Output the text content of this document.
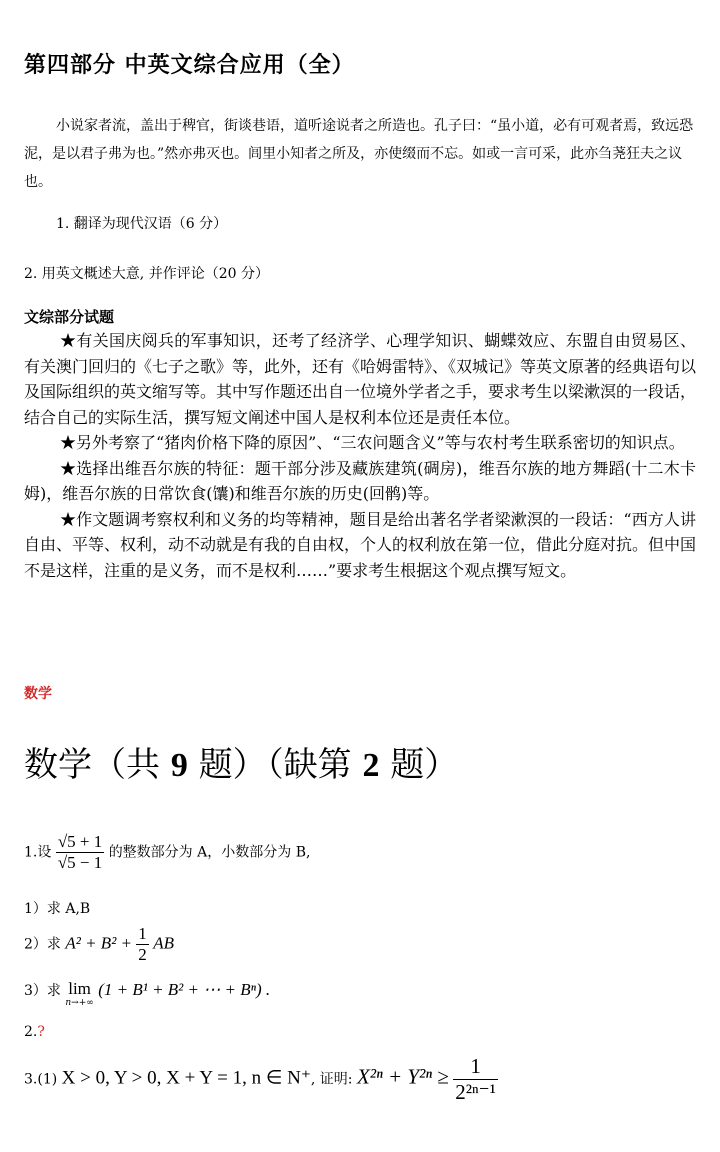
第四部分 中英文综合应用（全）

小说家者流，盖出于稗官，街谈巷语，道听途说者之所造也。孔子曰：“虽小道，必有可观者焉，致远恐泥，是以君子弗为也。”然亦弗灭也。闾里小知者之所及，亦使缀而不忘。如或一言可采，此亦刍荛狂夫之议也。

1. 翻译为现代汉语（6 分）
2. 用英文概述大意, 并作评论（20 分）
文综部分试题

★有关国庆阅兵的军事知识，还考了经济学、心理学知识、蝴蝶效应、东盟自由贸易区、有关澳门回归的《七子之歌》等，此外，还有《哈姆雷特》、《双城记》等英文原著的经典语句以及国际组织的英文缩写等。其中写作题还出自一位境外学者之手，要求考生以梁漱溟的一段话，结合自己的实际生活，撰写短文阐述中国人是权利本位还是责任本位。

★另外考察了“猪肉价格下降的原因”、“三农问题含义”等与农村考生联系密切的知识点。

★选择出维吾尔族的特征：题干部分涉及藏族建筑(碉房)，维吾尔族的地方舞蹈(十二木卡姆)，维吾尔族的日常饮食(馕)和维吾尔族的历史(回鹘)等。

★作文题调考察权利和义务的均等精神，题目是给出著名学者梁漱溟的一段话：“西方人讲自由、平等、权利，动不动就是有我的自由权，个人的权利放在第一位，借此分庭对抗。但中国不是这样，注重的是义务，而不是权利……”要求考生根据这个观点撰写短文。

数学
数学（共 9 题）（缺第 2 题）
1.设 $\frac{√5 + 1}{√5 - 1}$ 的整数部分为 A，小数部分为 B,
1）求 A,B
2）求 $A^2 + B^2 + \frac{1}{2}$ AB
3）求 lim
n→+∞
(1 + B¹ + B² + ⋯ + Bⁿ) .
2.?
3.(1) X > 0, Y > 0, X + Y = 1, n ∈ N⁺, 证明: $X^{2n} + Y^{2n} \ge \frac{1}{\text{2²ⁿ⁻¹}}$
